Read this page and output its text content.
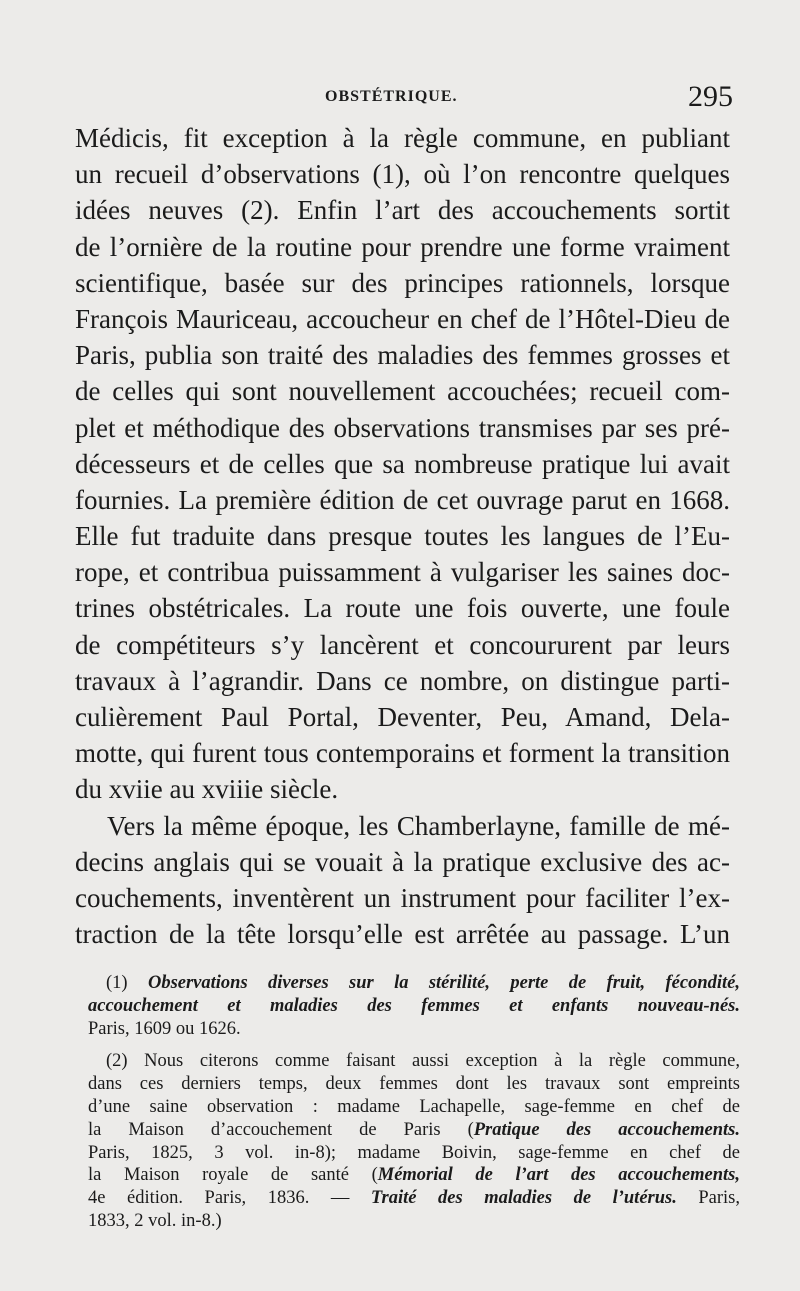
OBSTÉTRIQUE.	295
Médicis, fit exception à la règle commune, en publiant
un recueil d’observations (1), où l’on rencontre quelques
idées neuves (2). Enfin l’art des accouchements sortit
de l’ornière de la routine pour prendre une forme vraiment
scientifique, basée sur des principes rationnels, lorsque
François Mauriceau, accoucheur en chef de l’Hôtel-Dieu de
Paris, publia son traité des maladies des femmes grosses et
de celles qui sont nouvellement accouchées; recueil com-
plet et méthodique des observations transmises par ses pré-
décesseurs et de celles que sa nombreuse pratique lui avait
fournies. La première édition de cet ouvrage parut en 1668.
Elle fut traduite dans presque toutes les langues de l’Eu-
rope, et contribua puissamment à vulgariser les saines doc-
trines obstétricales. La route une fois ouverte, une foule
de compétiteurs s’y lancèrent et concoururent par leurs
travaux à l’agrandir. Dans ce nombre, on distingue parti-
culièrement Paul Portal, Deventer, Peu, Amand, Dela-
motte, qui furent tous contemporains et forment la transition
du xviie au xviiie siècle.
Vers la même époque, les Chamberlayne, famille de mé-
decins anglais qui se vouait à la pratique exclusive des ac-
couchements, inventèrent un instrument pour faciliter l’ex-
traction de la tête lorsqu’elle est arrêtée au passage. L’un
(1) Observations diverses sur la stérilité, perte de fruit, fécondité,
accouchement et maladies des femmes et enfants nouveau-nés.
Paris, 1609 ou 1626.
(2) Nous citerons comme faisant aussi exception à la règle commune,
dans ces derniers temps, deux femmes dont les travaux sont empreints
d’une saine observation : madame Lachapelle, sage-femme en chef de
la Maison d’accouchement de Paris (Pratique des accouchements.
Paris, 1825, 3 vol. in-8); madame Boivin, sage-femme en chef de
la Maison royale de santé (Mémorial de l’art des accouchements,
4e édition. Paris, 1836. — Traité des maladies de l’utérus. Paris,
1833, 2 vol. in-8.)
